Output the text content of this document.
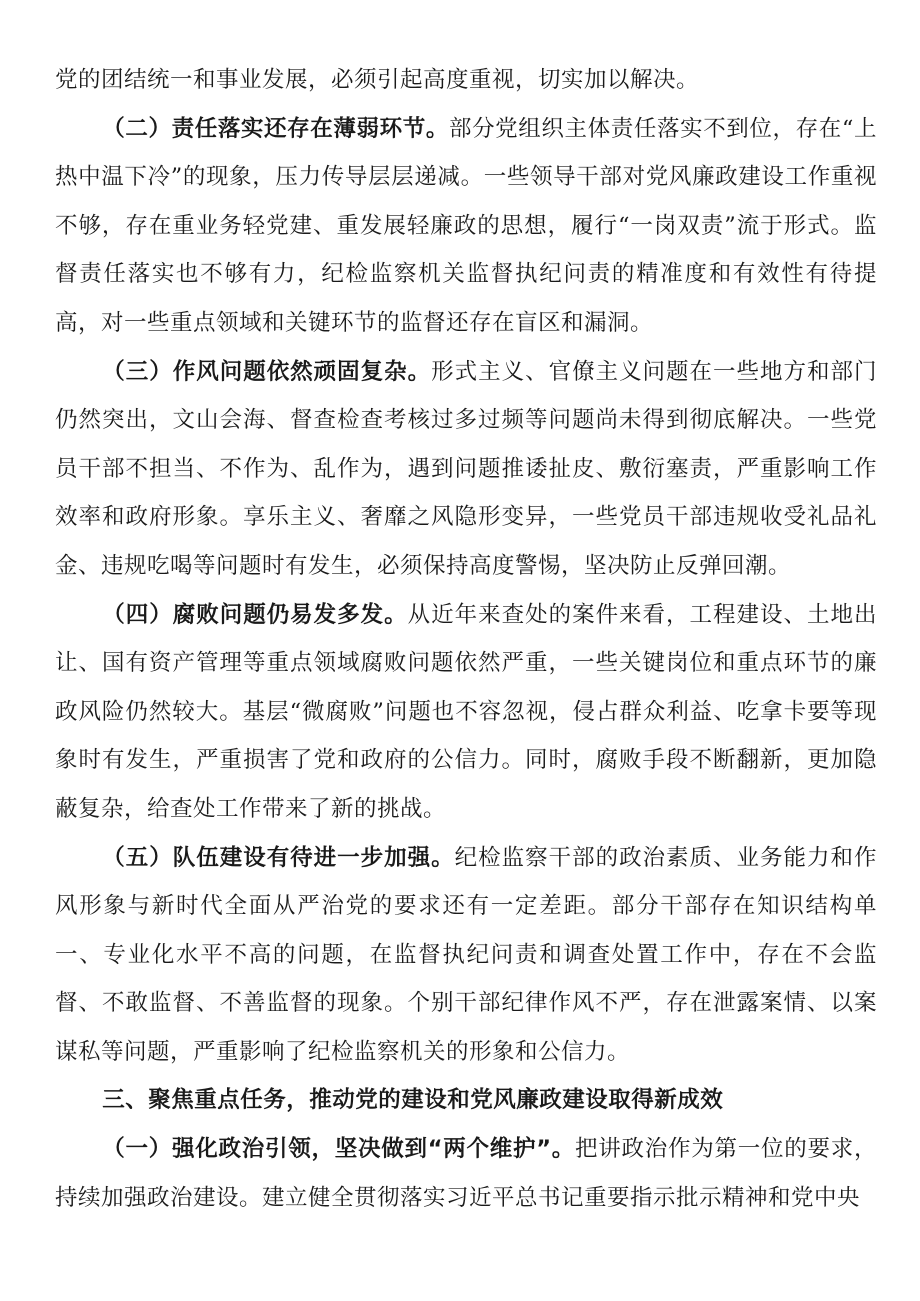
党的团结统一和事业发展，必须引起高度重视，切实加以解决。

（二）责任落实还存在薄弱环节。部分党组织主体责任落实不到位，存在“上热中温下冷”的现象，压力传导层层递减。一些领导干部对党风廉政建设工作重视不够，存在重业务轻党建、重发展轻廉政的思想，履行“一岗双责”流于形式。监督责任落实也不够有力，纪检监察机关监督执纪问责的精准度和有效性有待提高，对一些重点领域和关键环节的监督还存在盲区和漏洞。

（三）作风问题依然顽固复杂。形式主义、官僚主义问题在一些地方和部门仍然突出，文山会海、督查检查考核过多过频等问题尚未得到彻底解决。一些党员干部不担当、不作为、乱作为，遇到问题推诿扯皮、敷衍塞责，严重影响工作效率和政府形象。享乐主义、奢靡之风隐形变异，一些党员干部违规收受礼品礼金、违规吃喝等问题时有发生，必须保持高度警惕，坚决防止反弹回潮。

（四）腐败问题仍易发多发。从近年来查处的案件来看，工程建设、土地出让、国有资产管理等重点领域腐败问题依然严重，一些关键岗位和重点环节的廉政风险仍然较大。基层“微腐败”问题也不容忽视，侵占群众利益、吃拿卡要等现象时有发生，严重损害了党和政府的公信力。同时，腐败手段不断翻新，更加隐蔽复杂，给查处工作带来了新的挑战。

（五）队伍建设有待进一步加强。纪检监察干部的政治素质、业务能力和作风形象与新时代全面从严治党的要求还有一定差距。部分干部存在知识结构单一、专业化水平不高的问题，在监督执纪问责和调查处置工作中，存在不会监督、不敢监督、不善监督的现象。个别干部纪律作风不严，存在泄露案情、以案谋私等问题，严重影响了纪检监察机关的形象和公信力。

三、聚焦重点任务，推动党的建设和党风廉政建设取得新成效

（一）强化政治引领，坚决做到“两个维护”。把讲政治作为第一位的要求，持续加强政治建设。建立健全贯彻落实习近平总书记重要指示批示精神和党中央
